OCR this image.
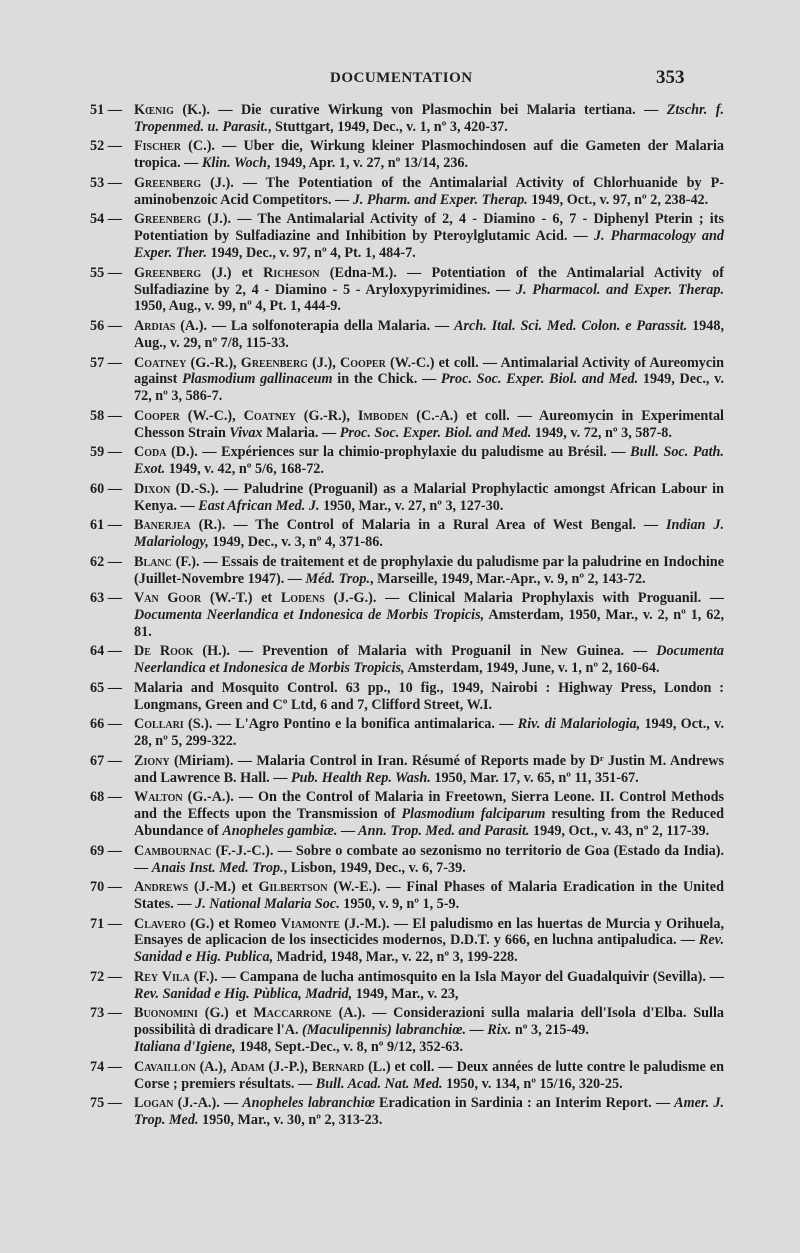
DOCUMENTATION	353
51 — Kœnig (K.). — Die curative Wirkung von Plasmochin bei Malaria tertiana. — Ztschr. f. Tropenmed. u. Parasit., Stuttgart, 1949, Dec., v. 1, nº 3, 420-37.
52 — Fischer (C.). — Uber die, Wirkung kleiner Plasmochindosen auf die Gameten der Malaria tropica. — Klin. Woch, 1949, Apr. 1, v. 27, nº 13/14, 236.
53 — Greenberg (J.). — The Potentiation of the Antimalarial Activity of Chlorhuanide by P-aminobenzoic Acid Competitors. — J. Pharm. and Exper. Therap. 1949, Oct., v. 97, nº 2, 238-42.
54 — Greenberg (J.). — The Antimalarial Activity of 2, 4 - Diamino - 6, 7 - Diphenyl Pterin ; its Potentiation by Sulfadiazine and Inhibition by Pteroylglutamic Acid. — J. Pharmacology and Exper. Ther. 1949, Dec., v. 97, nº 4, Pt. 1, 484-7.
55 — Greenberg (J.) et Richeson (Edna-M.). — Potentiation of the Antimalarial Activity of Sulfadiazine by 2, 4 - Diamino - 5 - Aryloxypyrimidines. — J. Pharmacol. and Exper. Therap. 1950, Aug., v. 99, nº 4, Pt. 1, 444-9.
56 — Ardias (A.). — La solfonoterapia della Malaria. — Arch. Ital. Sci. Med. Colon. e Parassit. 1948, Aug., v. 29, nº 7/8, 115-33.
57 — Coatney (G.-R.), Greenberg (J.), Cooper (W.-C.) et coll. — Antimalarial Activity of Aureomycin against Plasmodium gallinaceum in the Chick. — Proc. Soc. Exper. Biol. and Med. 1949, Dec., v. 72, nº 3, 586-7.
58 — Cooper (W.-C.), Coatney (G.-R.), Imboden (C.-A.) et coll. — Aureomycin in Experimental Chesson Strain Vivax Malaria. — Proc. Soc. Exper. Biol. and Med. 1949, v. 72, nº 3, 587-8.
59 — Coda (D.). — Expériences sur la chimio-prophylaxie du paludisme au Brésil. — Bull. Soc. Path. Exot. 1949, v. 42, nº 5/6, 168-72.
60 — Dixon (D.-S.). — Paludrine (Proguanil) as a Malarial Prophylactic amongst African Labour in Kenya. — East African Med. J. 1950, Mar., v. 27, nº 3, 127-30.
61 — Banerjea (R.). — The Control of Malaria in a Rural Area of West Bengal. — Indian J. Malariology, 1949, Dec., v. 3, nº 4, 371-86.
62 — Blanc (F.). — Essais de traitement et de prophylaxie du paludisme par la paludrine en Indochine (Juillet-Novembre 1947). — Méd. Trop., Marseille, 1949, Mar.-Apr., v. 9, nº 2, 143-72.
63 — Van Goor (W.-T.) et Lodens (J.-G.). — Clinical Malaria Prophylaxis with Proguanil. — Documenta Neerlandica et Indonesica de Morbis Tropicis, Amsterdam, 1950, Mar., v. 2, nº 1, 62, 81.
64 — De Rook (H.). — Prevention of Malaria with Proguanil in New Guinea. — Documenta Neerlandica et Indonesica de Morbis Tropicis, Amsterdam, 1949, June, v. 1, nº 2, 160-64.
65 — Malaria and Mosquito Control. 63 pp., 10 fig., 1949, Nairobi : Highway Press, London : Longmans, Green and Cº Ltd, 6 and 7, Clifford Street, W.I.
66 — Collari (S.). — L'Agro Pontino e la bonifica antimalarica. — Riv. di Malariologia, 1949, Oct., v. 28, nº 5, 299-322.
67 — Ziony (Miriam). — Malaria Control in Iran. Résumé of Reports made by Dʳ Justin M. Andrews and Lawrence B. Hall. — Pub. Health Rep. Wash. 1950, Mar. 17, v. 65, nº 11, 351-67.
68 — Walton (G.-A.). — On the Control of Malaria in Freetown, Sierra Leone. II. Control Methods and the Effects upon the Transmission of Plasmodium falciparum resulting from the Reduced Abundance of Anopheles gambiæ. — Ann. Trop. Med. and Parasit. 1949, Oct., v. 43, nº 2, 117-39.
69 — Cambournac (F.-J.-C.). — Sobre o combate ao sezonismo no territorio de Goa (Estado da India). — Anais Inst. Med. Trop., Lisbon, 1949, Dec., v. 6, 7-39.
70 — Andrews (J.-M.) et Gilbertson (W.-E.). — Final Phases of Malaria Eradication in the United States. — J. National Malaria Soc. 1950, v. 9, nº 1, 5-9.
71 — Clavero (G.) et Romeo Viamonte (J.-M.). — El paludismo en las huertas de Murcia y Orihuela, Ensayes de aplicacion de los insecticides modernos, D.D.T. y 666, en luchna antipaludica. — Rev. Sanidad e Hig. Publica, Madrid, 1948, Mar., v. 22, nº 3, 199-228.
72 — Rey Vila (F.). — Campana de lucha antimosquito en la Isla Mayor del Guadalquivir (Sevilla). — Rev. Sanidad e Hig. Pùblica, Madrid, 1949, Mar., v. 23,
73 — Buonomini (G.) et Maccarrone (A.). — Considerazioni sulla malaria dell'Isola d'Elba. Sulla possibilità di dradicare l'A. (Maculipennis) labranchiœ. — Rix. nº 3, 215-49.
Italiana d'Igiene, 1948, Sept.-Dec., v. 8, nº 9/12, 352-63.
74 — Cavaillon (A.), Adam (J.-P.), Bernard (L.) et coll. — Deux années de lutte contre le paludisme en Corse ; premiers résultats. — Bull. Acad. Nat. Med. 1950, v. 134, nº 15/16, 320-25.
75 — Logan (J.-A.). — Anopheles labranchiœ Eradication in Sardinia : an Interim Report. — Amer. J. Trop. Med. 1950, Mar., v. 30, nº 2, 313-23.
